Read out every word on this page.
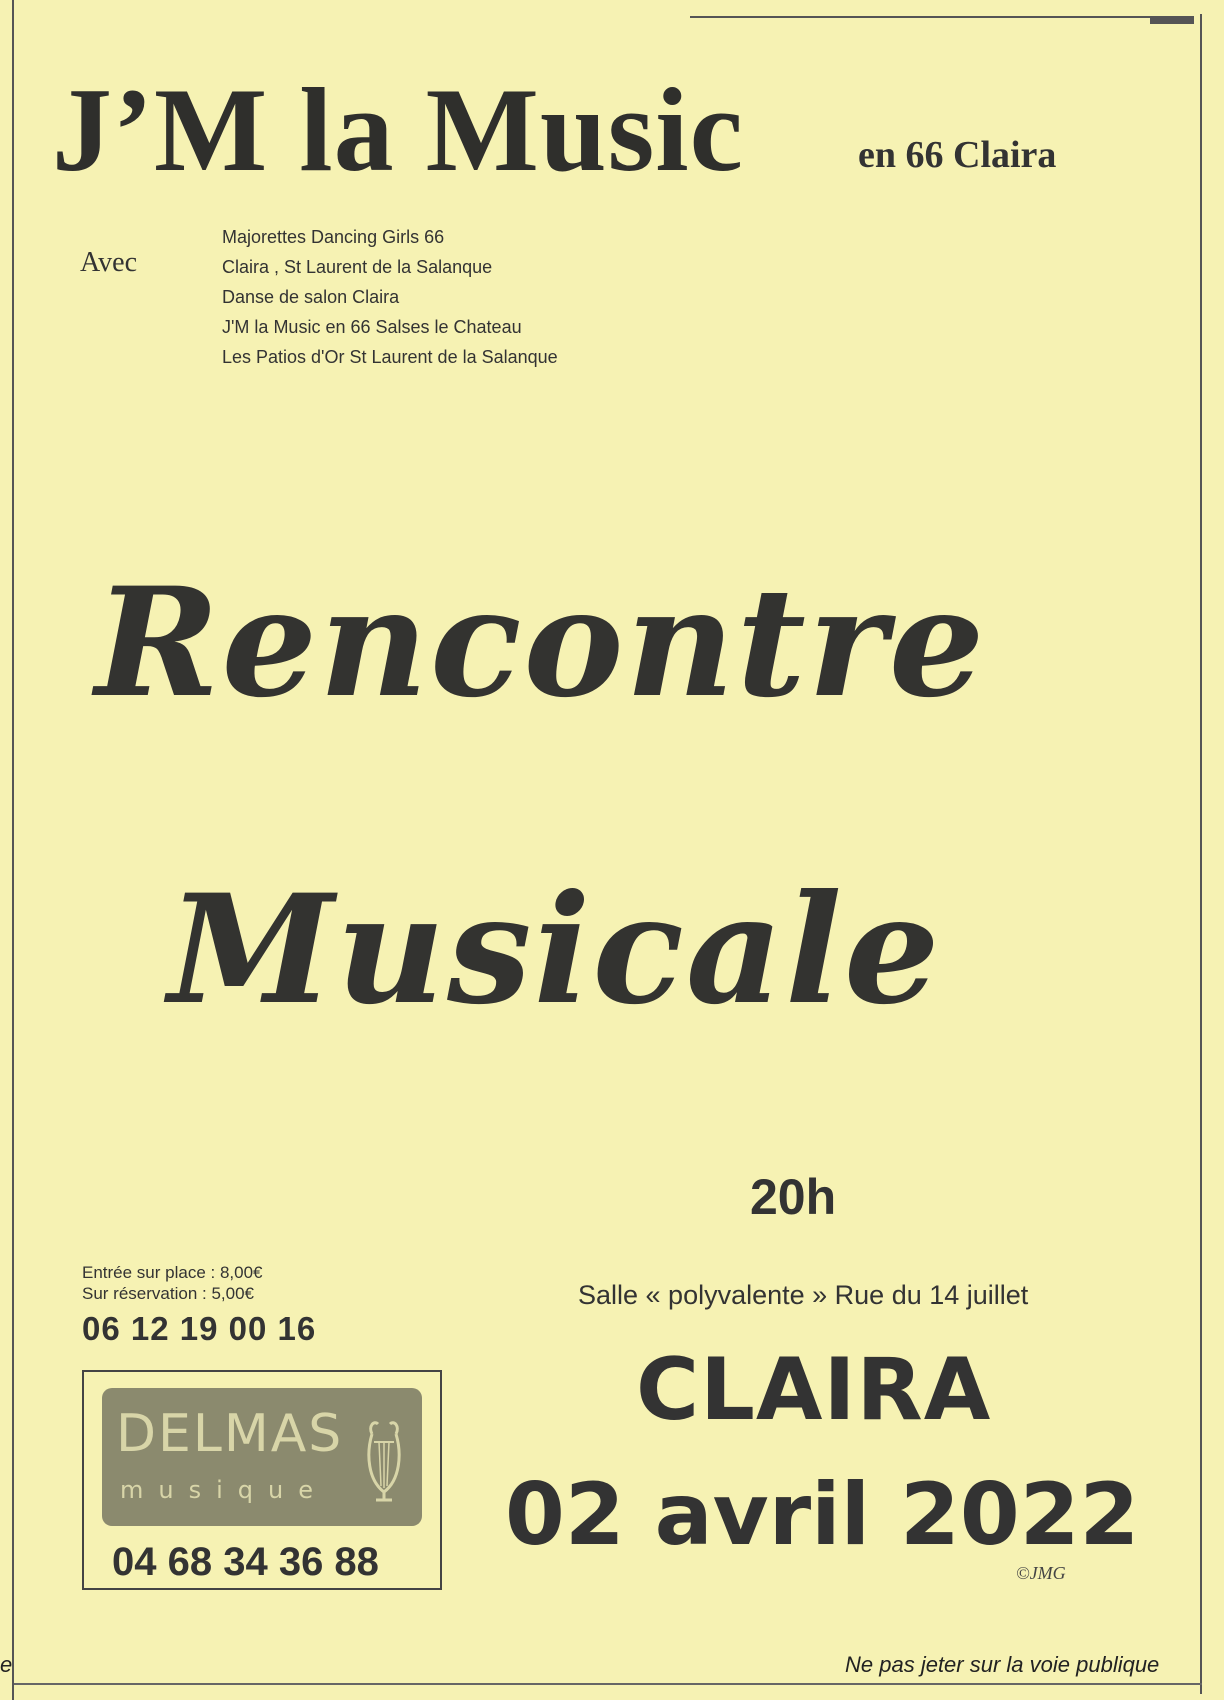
J’M la Music	en 66 Claira
Avec
Majorettes Dancing Girls 66
Claira , St Laurent de la Salanque
Danse de salon Claira
J'M la Music en 66 Salses le Chateau
Les Patios d'Or St Laurent de la Salanque
Rencontre
Musicale
20h
Entrée sur place : 8,00€
Sur réservation : 5,00€
06 12 19 00 16
Salle « polyvalente » Rue du 14 juillet
CLAIRA
02 avril 2022
©JMG
DELMAS
musique
04 68 34 36 88
e	Ne pas jeter sur la voie publique
